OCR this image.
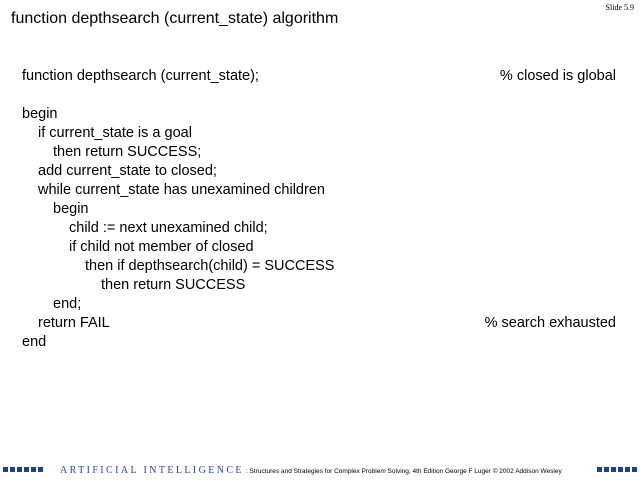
Slide 5.9
function depthsearch (current_state) algorithm
function depthsearch (current_state);	% closed is global
begin
if current_state is a goal
then return SUCCESS;
add current_state to closed;
while current_state has unexamined children
begin
child := next unexamined child;
if child not member of closed
then if depthsearch(child) = SUCCESS
then return SUCCESS
end;
return FAIL	% search exhausted
end
ARTIFICIAL INTELLIGENCE : Structures and Strategies for Complex Problem Solving, 4th Edition George F Luger © 2002 Addison Wesley
